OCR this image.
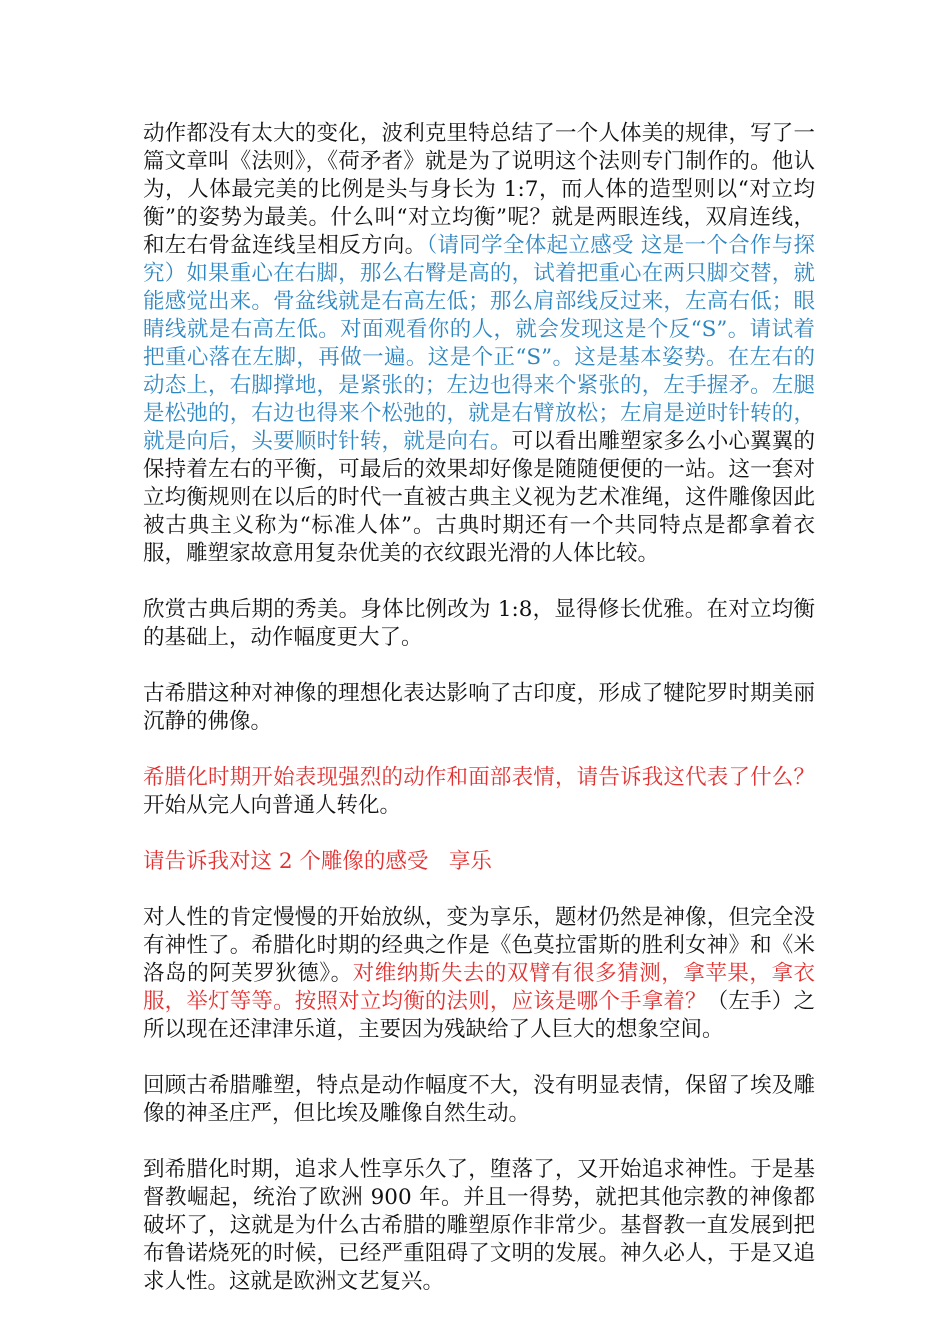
动作都没有太大的变化，波利克里特总结了一个人体美的规律，写了一篇文章叫《法则》，《荷矛者》就是为了说明这个法则专门制作的。他认为，人体最完美的比例是头与身长为 1:7，而人体的造型则以“对立均衡”的姿势为最美。什么叫“对立均衡”呢？就是两眼连线，双肩连线，和左右骨盆连线呈相反方向。（请同学全体起立感受 这是一个合作与探究）如果重心在右脚，那么右臀是高的，试着把重心在两只脚交替，就能感觉出来。骨盆线就是右高左低；那么肩部线反过来，左高右低；眼睛线就是右高左低。对面观看你的人，就会发现这是个反“S”。请试着把重心落在左脚，再做一遍。这是个正“S”。这是基本姿势。在左右的动态上，右脚撑地，是紧张的；左边也得来个紧张的，左手握矛。左腿是松弛的，右边也得来个松弛的，就是右臂放松；左肩是逆时针转的，就是向后，头要顺时针转，就是向右。可以看出雕塑家多么小心翼翼的保持着左右的平衡，可最后的效果却好像是随随便便的一站。这一套对立均衡规则在以后的时代一直被古典主义视为艺术准绳，这件雕像因此被古典主义称为“标准人体”。古典时期还有一个共同特点是都拿着衣服，雕塑家故意用复杂优美的衣纹跟光滑的人体比较。

欣赏古典后期的秀美。身体比例改为 1:8，显得修长优雅。在对立均衡的基础上，动作幅度更大了。

古希腊这种对神像的理想化表达影响了古印度，形成了犍陀罗时期美丽沉静的佛像。

希腊化时期开始表现强烈的动作和面部表情，请告诉我这代表了什么？开始从完人向普通人转化。

请告诉我对这 2 个雕像的感受   享乐

对人性的肯定慢慢的开始放纵，变为享乐，题材仍然是神像，但完全没有神性了。希腊化时期的经典之作是《色莫拉雷斯的胜利女神》和《米洛岛的阿芙罗狄德》。对维纳斯失去的双臂有很多猜测，拿苹果，拿衣服，举灯等等。按照对立均衡的法则，应该是哪个手拿着？（左手）之所以现在还津津乐道，主要因为残缺给了人巨大的想象空间。

回顾古希腊雕塑，特点是动作幅度不大，没有明显表情，保留了埃及雕像的神圣庄严，但比埃及雕像自然生动。

到希腊化时期，追求人性享乐久了，堕落了，又开始追求神性。于是基督教崛起，统治了欧洲 900 年。并且一得势，就把其他宗教的神像都破坏了，这就是为什么古希腊的雕塑原作非常少。基督教一直发展到把布鲁诺烧死的时候，已经严重阻碍了文明的发展。神久必人，于是又追求人性。这就是欧洲文艺复兴。
